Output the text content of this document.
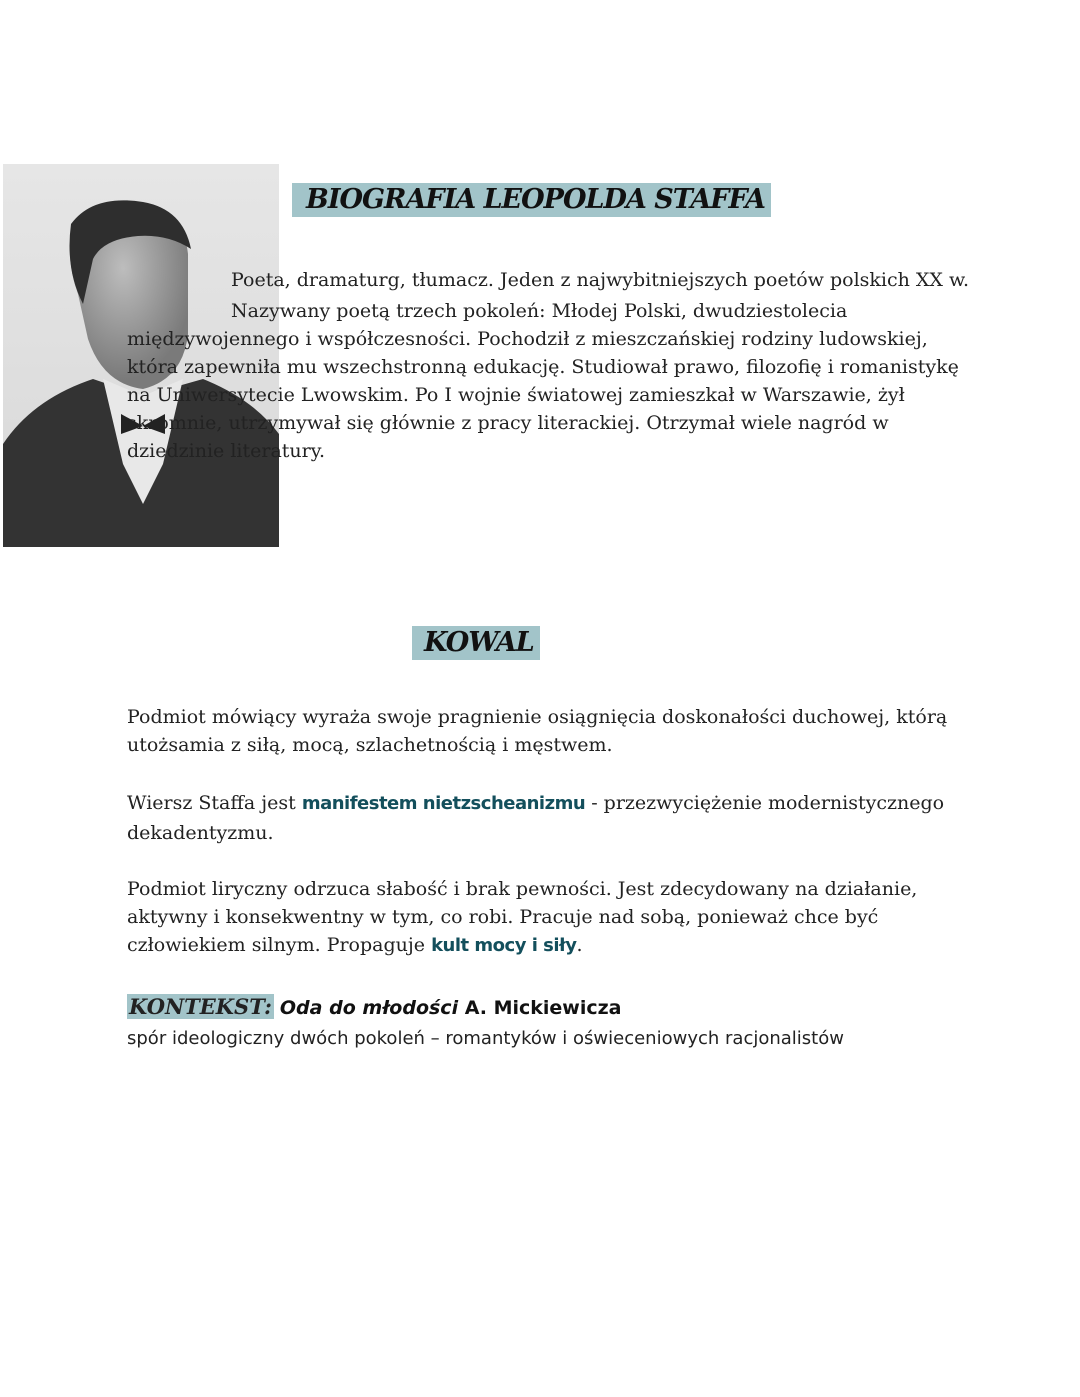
BIOGRAFIA LEOPOLDA STAFFA
Poeta, dramaturg, tłumacz. Jeden z najwybitniejszych poetów polskich XX w.
Nazywany poetą trzech pokoleń: Młodej Polski, dwudziestolecia
międzywojennego i współczesności. Pochodził z mieszczańskiej rodziny ludowskiej,
która zapewniła mu wszechstronną edukację. Studiował prawo, filozofię i romanistykę
na Uniwersytecie Lwowskim. Po I wojnie światowej zamieszkał w Warszawie, żył
skromnie, utrzymywał się głównie z pracy literackiej. Otrzymał wiele nagród w
dziedzinie literatury.
KOWAL
Podmiot mówiący wyraża swoje pragnienie osiągnięcia doskonałości duchowej, którą
utożsamia z siłą, mocą, szlachetnością i męstwem.
Wiersz Staffa jest manifestem nietzscheanizmu - przezwyciężenie modernistycznego
dekadentyzmu.
Podmiot liryczny odrzuca słabość i brak pewności. Jest zdecydowany na działanie,
aktywny i konsekwentny w tym, co robi. Pracuje nad sobą, ponieważ chce być
człowiekiem silnym. Propaguje kult mocy i siły.
KONTEKST: Oda do młodości A. Mickiewicza
spór ideologiczny dwóch pokoleń – romantyków i oświeceniowych racjonalistów
